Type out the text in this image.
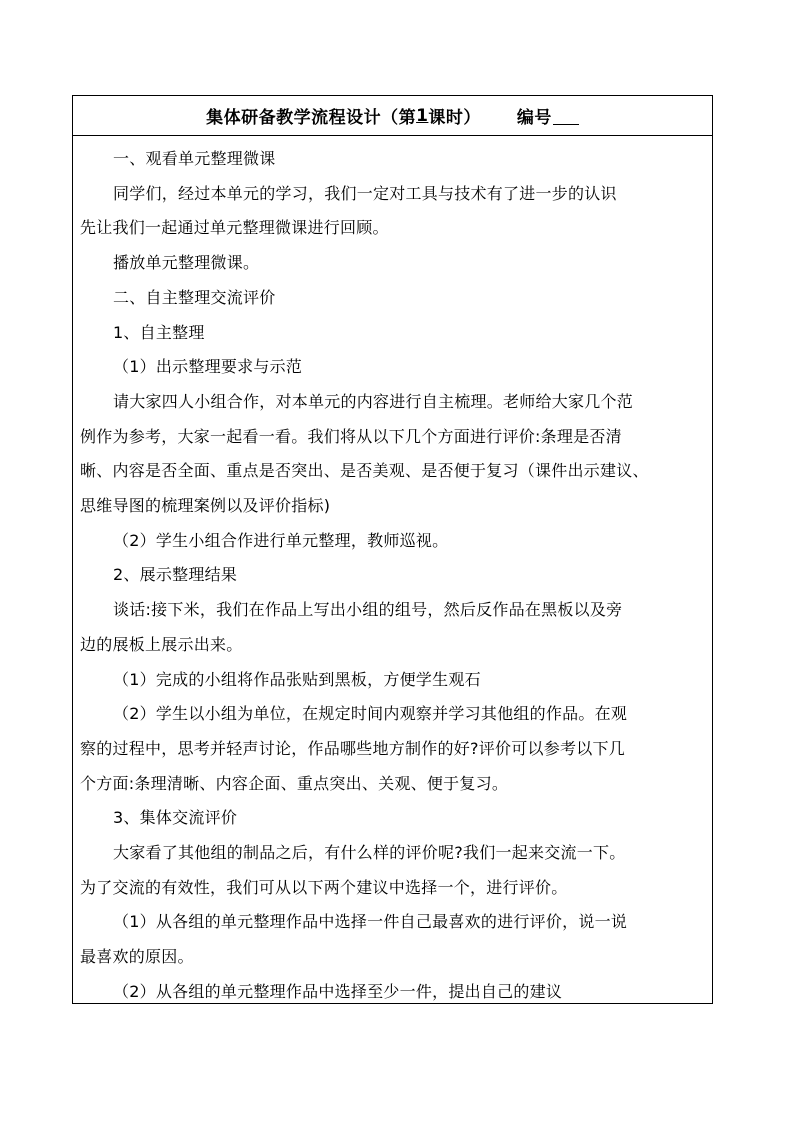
集体研备教学流程设计（第 1 课时） 编号
一、观看单元整理微课
同学们，经过本单元的学习，我们一定对工具与技术有了进一步的认识
先让我们一起通过单元整理微课进行回顾。
播放单元整理微课。
二、自主整理交流评价
1、自主整理
（1）出示整理要求与示范
请大家四人小组合作，对本单元的内容进行自主梳理。老师给大家几个范
例作为参考，大家一起看一看。我们将从以下几个方面进行评价:条理是否清
晰、内容是否全面、重点是否突出、是否美观、是否便于复习（课件出示建议、
思维导图的梳理案例以及评价指标)
（2）学生小组合作进行单元整理，教师巡视。
2、展示整理结果
谈话:接下米，我们在作品上写出小组的组号，然后反作品在黑板以及旁
边的展板上展示出来。
（1）完成的小组将作品张贴到黑板，方便学生观石
（2）学生以小组为单位，在规定时间内观察并学习其他组的作品。在观
察的过程中，思考并轻声讨论，作品哪些地方制作的好?评价可以参考以下几
个方面:条理清晰、内容企面、重点突出、关观、便于复习。
3、集体交流评价
大家看了其他组的制品之后，有什么样的评价呢?我们一起来交流一下。
为了交流的有效性，我们可从以下两个建议中选择一个，进行评价。
（1）从各组的单元整理作品中选择一件自己最喜欢的进行评价，说一说
最喜欢的原因。
（2）从各组的单元整理作品中选择至少一件，提出自己的建议
